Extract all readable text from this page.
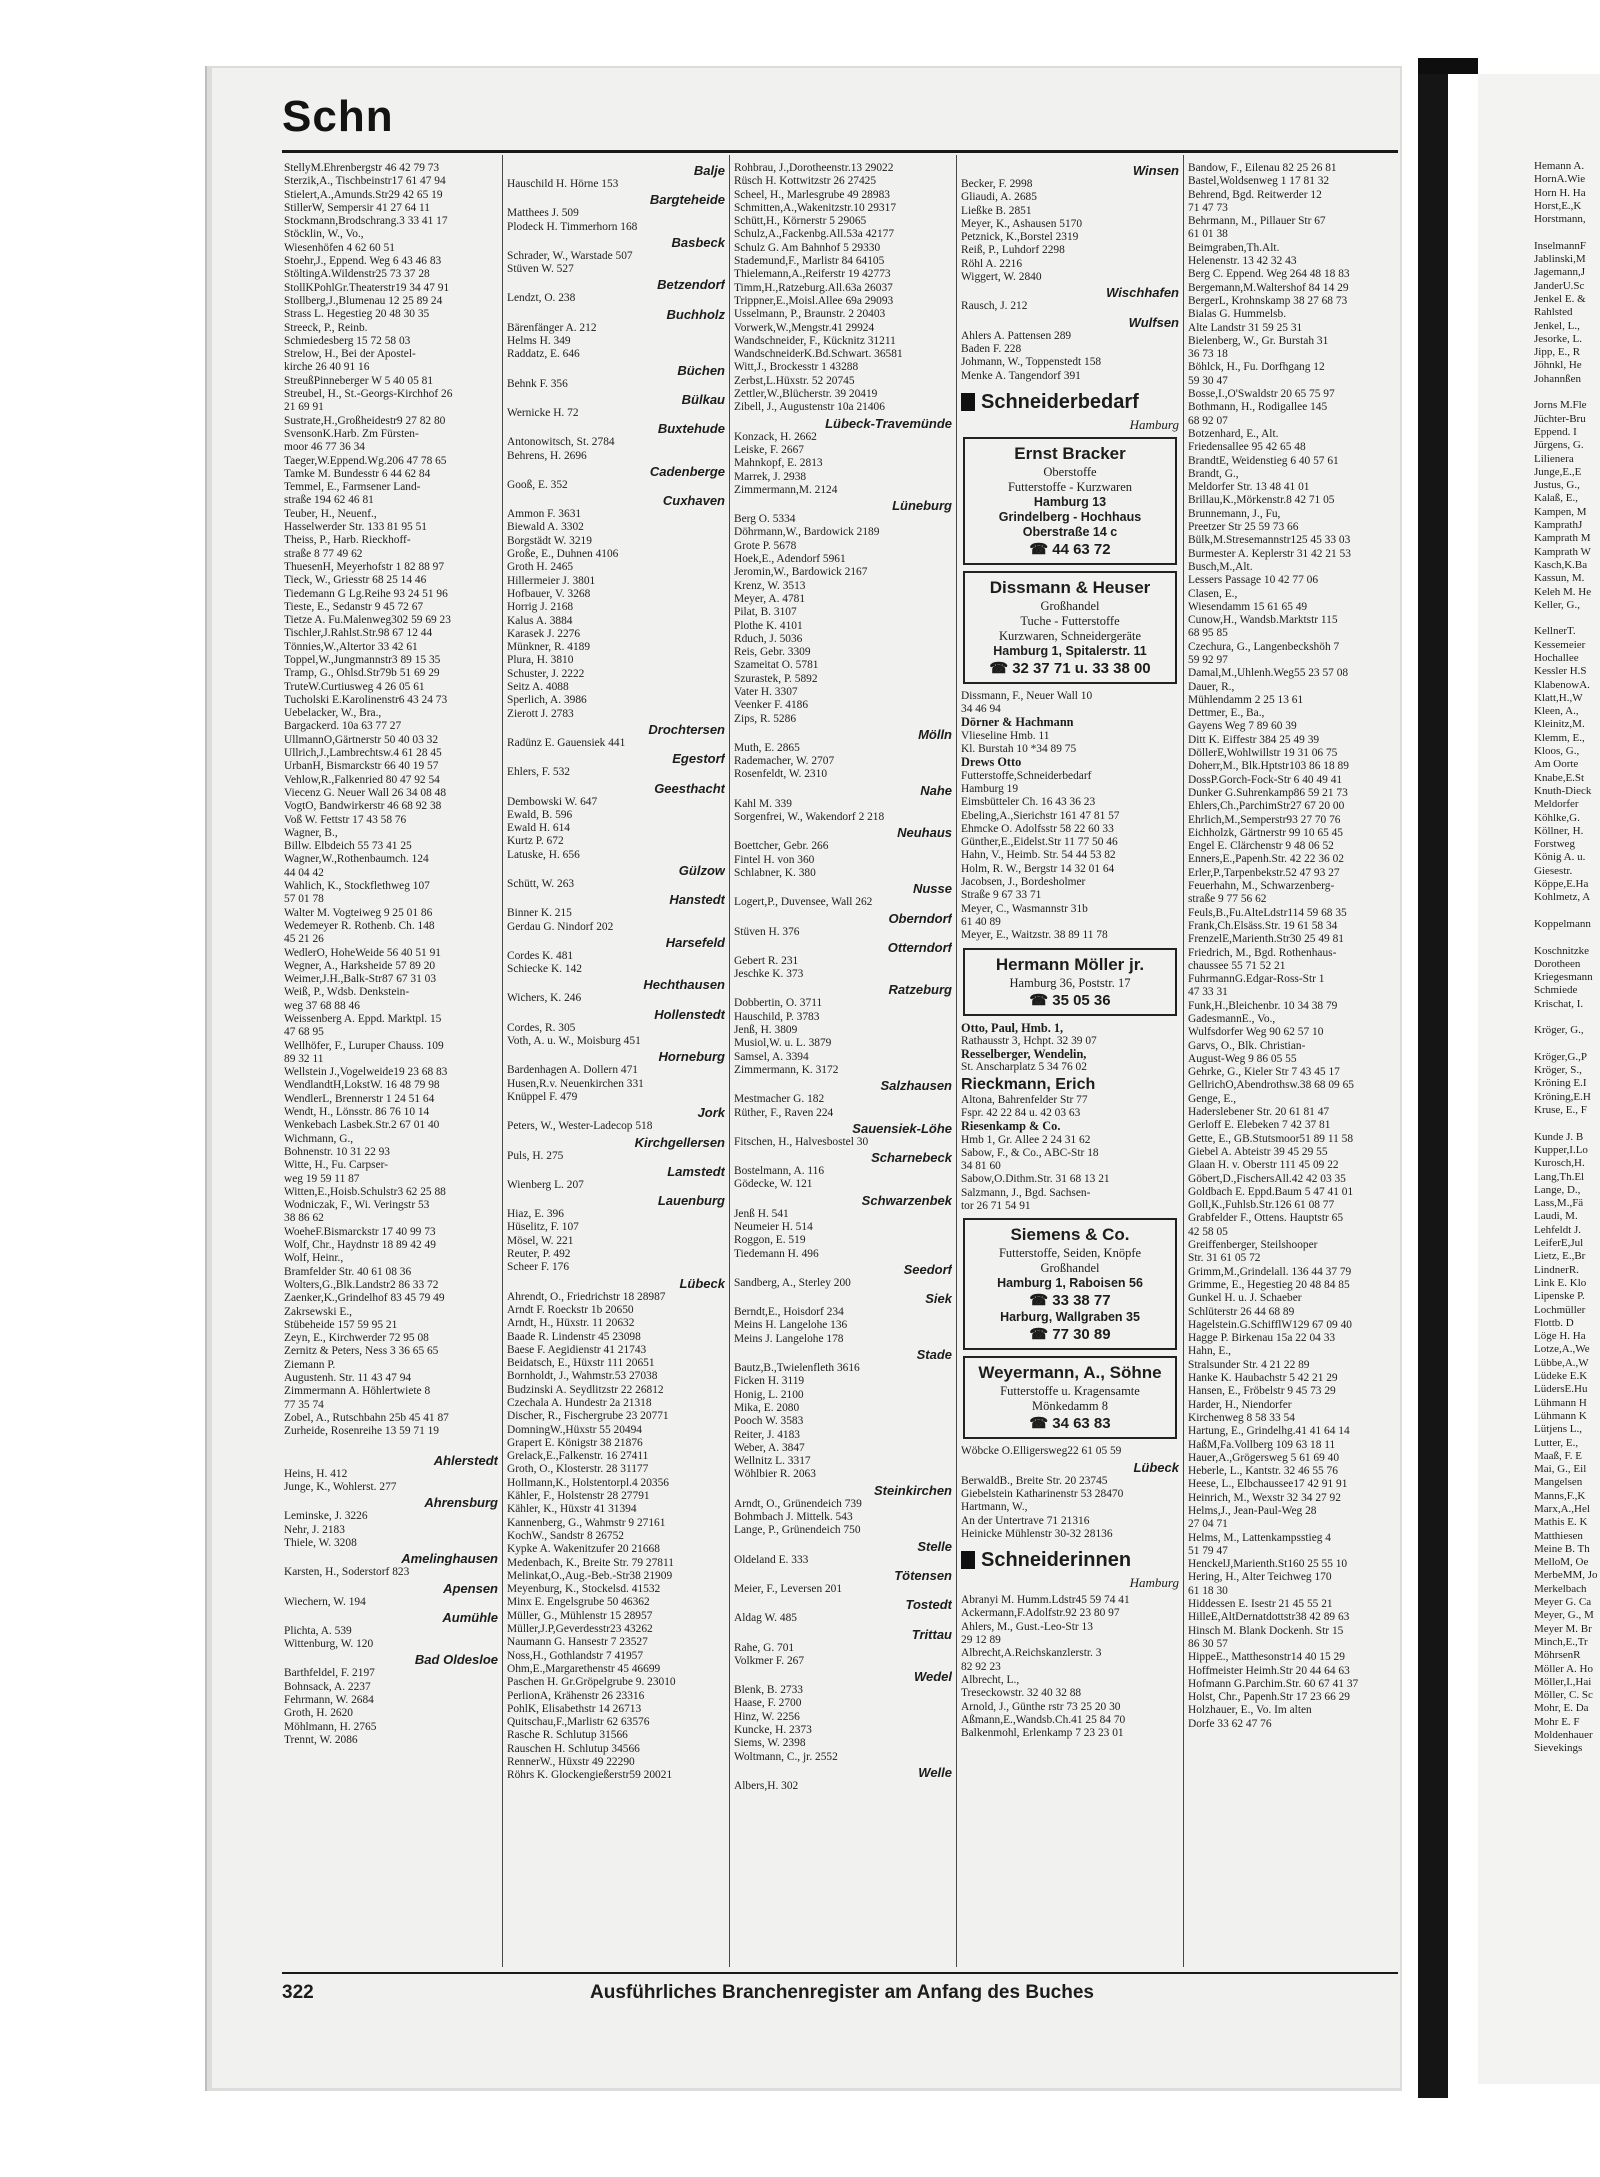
Hemann A.
HornA.Wie
Horn H. Ha
Horst,E.,K
Horstmann,

InselmannF
Jablinski,M
Jagemann,J
JanderU.Sc
Jenkel E. &
Rahlsted
Jenkel, L.,
Jesorke, L.
Jipp, E., R
Jöhnkl, He
Johannßen

Jorns M.Fle
Jüchter-Bru
Eppend. I
Jürgens, G.
Lilienera
Junge,E.,E
Justus, G.,
Kalaß, E.,
Kampen, M
KamprathJ
Kamprath M
Kamprath W
Kasch,K.Ba
Kassun, M.
Keleh M. He
Keller, G.,

KellnerT.
Kessemeier
Hochallee
Kessler H.S
KlabenowA.
Klatt,H.,W
Kleen, A.,
Kleinitz,M.
Klemm, E.,
Kloos, G.,
Am Oorte
Knabe,E.St
Knuth-Dieck
Meldorfer
Köhlke,G.
Köllner, H.
Forstweg
König A. u.
Giesestr.
Köppe,E.Ha
Kohlmetz, A

Koppelmann

Koschnitzke
Dorotheen
Kriegesmann
Schmiede
Krischat, I.

Kröger, G.,

Kröger,G.,P
Kröger, S.,
Kröning E.I
Kröning,E.H
Kruse, E., F

Kunde J. B
Kupper,I.Lo
Kurosch,H.
Lang,Th.El
Lange, D.,
Lass,M.,Fä
Laudi, M.
Lehfeldt J.
LeiferE,Jul
Lietz, E.,Br
LindnerR.
Link E. Klo
Lipenske P.
Lochmüller
Flottb. D
Löge H. Ha
Lotze,A.,We
Lübbe,A.,W
Lüdeke E.K
LüdersE.Hu
Lühmann H
Lühmann K
Lütjens L.,
Lutter, E.,
Maaß, F. E
Mai, G., Eil
Mangelsen
Manns,F.,K
Marx,A.,Hel
Mathis E. K
Matthiesen
Meine B. Th
MelloM, Oe
MerbeMM, Jo
Merkelbach
Meyer G. Ca
Meyer, G., M
Meyer M. Br
Minch,E.,Tr
MöhrsenR
Möller A. Ho
Möller,I.,Hai
Möller, C. Sc
Mohr, E. Da
Mohr E. F
Moldenhauer
Sievekings
Schn
StellyM.Ehrenbergstr 46 42 79 73
Sterzik,A., Tischbeinstr17 61 47 94
Stielert,A.,Amunds.Str29 42 65 19
StillerW, Sempersir 41 27 64 11
Stockmann,Brodschrang.3 33 41 17
Stöcklin, W., Vo.,
Wiesenhöfen 4 62 60 51
Stoehr,J., Eppend. Weg 6 43 46 83
StöltingA.Wildenstr25 73 37 28
StollKPohlGr.Theaterstr19 34 47 91
Stollberg,J.,Blumenau 12 25 89 24
Strass L. Hegestieg 20 48 30 35
Streeck, P., Reinb.
Schmiedesberg 15 72 58 03
Strelow, H., Bei der Apostel-
kirche 26 40 91 16
StreußPinneberger W 5 40 05 81
Streubel, H., St.-Georgs-Kirchhof 26
21 69 91
Sustrate,H.,Großheidestr9 27 82 80
SvensonK.Harb. Zm Fürsten-
moor 46 77 36 34
Taeger,W.Eppend.Wg.206 47 78 65
Tamke M. Bundesstr 6 44 62 84
Temmel, E., Farmsener Land-
straße 194 62 46 81
Teuber, H., Neuenf.,
Hasselwerder Str. 133 81 95 51
Theiss, P., Harb. Rieckhoff-
straße 8 77 49 62
ThuesenH, Meyerhofstr 1 82 88 97
Tieck, W., Griesstr 68 25 14 46
Tiedemann G Lg.Reihe 93 24 51 96
Tieste, E., Sedanstr 9 45 72 67
Tietze A. Fu.Malenweg302 59 69 23
Tischler,J.Rahlst.Str.98 67 12 44
Tönnies,W.,Altertor 33 42 61
Toppel,W.,Jungmannstr3 89 15 35
Tramp, G., Ohlsd.Str79b 51 69 29
TruteW.Curtiusweg 4 26 05 61
Tucholski E.Karolinenstr6 43 24 73
Uebelacker, W., Bra.,
Bargackerd. 10a 63 77 27
UllmannO,Gärtnerstr 50 40 03 32
Ullrich,J.,Lambrechtsw.4 61 28 45
UrbanH, Bismarckstr 66 40 19 57
Vehlow,R.,Falkenried 80 47 92 54
Viecenz G. Neuer Wall 26 34 08 48
VogtO, Bandwirkerstr 46 68 92 38
Voß W. Fettstr 17 43 58 76
Wagner, B.,
Billw. Elbdeich 55 73 41 25
Wagner,W.,Rothenbaumch. 124
44 04 42
Wahlich, K., Stockflethweg 107
57 01 78
Walter M. Vogteiweg 9 25 01 86
Wedemeyer R. Rothenb. Ch. 148
45 21 26
WedlerO, HoheWeide 56 40 51 91
Wegner, A., Harksheide 57 89 20
Weimer,J.H.,Balk-Str87 67 31 03
Weiß, P., Wdsb. Denkstein-
weg 37 68 88 46
Weissenberg A. Eppd. Marktpl. 15
47 68 95
Wellhöfer, F., Luruper Chauss. 109
89 32 11
Wellstein J.,Vogelweide19 23 68 83
WendlandtH,LokstW. 16 48 79 98
WendlerL, Brennerstr 1 24 51 64
Wendt, H., Lönsstr. 86 76 10 14
Wenkebach Lasbek.Str.2 67 01 40
Wichmann, G.,
Bohnenstr. 10 31 22 93
Witte, H., Fu. Carpser-
weg 19 59 11 87
Witten,E.,Hoisb.Schulstr3 62 25 88
Wodniczak, F., Wi. Veringstr 53
38 86 62
WoeheF.Bismarckstr 17 40 99 73
Wolf, Chr., Haydnstr 18 89 42 49
Wolf, Heinr.,
Bramfelder Str. 40 61 08 36
Wolters,G.,Blk.Landstr2 86 33 72
Zaenker,K.,Grindelhof 83 45 79 49
Zakrsewski E.,
Stübeheide 157 59 95 21
Zeyn, E., Kirchwerder 72 95 08
Zernitz & Peters, Ness 3 36 65 65
Ziemann P.
Augustenh. Str. 11 43 47 94
Zimmermann A. Höhlertwiete 8
77 35 74
Zobel, A., Rutschbahn 25b 45 41 87
Zurheide, Rosenreihe 13 59 71 19

Ahlerstedt
Heins, H. 412
Junge, K., Wohlerst. 277
Ahrensburg
Leminske, J. 3226
Nehr, J. 2183
Thiele, W. 3208
Amelinghausen
Karsten, H., Soderstorf 823
Apensen
Wiechern, W. 194
Aumühle
Plichta, A. 539
Wittenburg, W. 120
Bad Oldesloe
Barthfeldel, F. 2197
Bohnsack, A. 2237
Fehrmann, W. 2684
Groth, H. 2620
Möhlmann, H. 2765
Trennt, W. 2086
Balje
Hauschild H. Hörne 153
Bargteheide
Matthees J. 509
Plodeck H. Timmerhorn 168
Basbeck
Schrader, W., Warstade 507
Stüven W. 527
Betzendorf
Lendzt, O. 238
Buchholz
Bärenfänger A. 212
Helms H. 349
Raddatz, E. 646
Büchen
Behnk F. 356
Bülkau
Wernicke H. 72
Buxtehude
Antonowitsch, St. 2784
Behrens, H. 2696
Cadenberge
Gooß, E. 352
Cuxhaven
Ammon F. 3631
Biewald A. 3302
Borgstädt W. 3219
Große, E., Duhnen 4106
Groth H. 2465
Hillermeier J. 3801
Hofbauer, V. 3268
Horrig J. 2168
Kalus A. 3884
Karasek J. 2276
Münkner, R. 4189
Plura, H. 3810
Schuster, J. 2222
Seitz A. 4088
Sperlich, A. 3986
Zierott J. 2783
Drochtersen
Radünz E. Gauensiek 441
Egestorf
Ehlers, F. 532
Geesthacht
Dembowski W. 647
Ewald, B. 596
Ewald H. 614
Kurtz P. 672
Latuske, H. 656
Gülzow
Schütt, W. 263
Hanstedt
Binner K. 215
Gerdau G. Nindorf 202
Harsefeld
Cordes K. 481
Schiecke K. 142
Hechthausen
Wichers, K. 246
Hollenstedt
Cordes, R. 305
Voth, A. u. W., Moisburg 451
Horneburg
Bardenhagen A. Dollern 471
Husen,R.v. Neuenkirchen 331
Knüppel F. 479
Jork
Peters, W., Wester-Ladecop 518
Kirchgellersen
Puls, H. 275
Lamstedt
Wienberg L. 207
Lauenburg
Hiaz, E. 396
Hüselitz, F. 107
Mösel, W. 221
Reuter, P. 492
Scheer F. 176
Lübeck
Ahrendt, O., Friedrichstr 18 28987
Arndt F. Roeckstr 1b 20650
Arndt, H., Hüxstr. 11 20632
Baade R. Lindenstr 45 23098
Baese F. Aegidienstr 41 21743
Beidatsch, E., Hüxstr 111 20651
Bornholdt, J., Wahmstr.53 27038
Budzinski A. Seydlitzstr 22 26812
Czechala A. Hundestr 2a 21318
Discher, R., Fischergrube 23 20771
DomningW.,Hüxstr 55 20494
Grapert E. Königstr 38 21876
Grelack,E.,Falkenstr. 16 27411
Groth, O., Klosterstr. 28 31177
Hollmann,K., Holstentorpl.4 20356
Kähler, F., Holstenstr 28 27791
Kähler, K., Hüxstr 41 31394
Kannenberg, G., Wahmstr 9 27161
KochW., Sandstr 8 26752
Kypke A. Wakenitzufer 20 21668
Medenbach, K., Breite Str. 79 27811
Melinkat,O.,Aug.-Beb.-Str38 21909
Meyenburg, K., Stockelsd. 41532
Minx E. Engelsgrube 50 46362
Müller, G., Mühlenstr 15 28957
Müller,J.P,Geverdesstr23 43262
Naumann G. Hansestr 7 23527
Noss,H., Gothlandstr 7 41957
Ohm,E.,Margarethenstr 45 46699
Paschen H. Gr.Gröpelgrube 9. 23010
PerlionA, Krähenstr 26 23316
PohlK, Elisabethstr 14 26713
Quitschau,F.,Marlistr 62 63576
Rasche R. Schlutup 31566
Rauschen H. Schlutup 34566
RennerW., Hüxstr 49 22290
Röhrs K. Glockengießerstr59 20021
Rohbrau, J.,Dorotheenstr.13 29022
Rüsch H. Kottwitzstr 26 27425
Scheel, H., Marlesgrube 49 28983
Schmitten,A.,Wakenitzstr.10 29317
Schütt,H., Körnerstr 5 29065
Schulz,A.,Fackenbg.All.53a 42177
Schulz G. Am Bahnhof 5 29330
Stademund,F., Marlistr 84 64105
Thielemann,A.,Reiferstr 19 42773
Timm,H.,Ratzeburg.All.63a 26037
Trippner,E.,Moisl.Allee 69a 29093
Usselmann, P., Braunstr. 2 20403
Vorwerk,W.,Mengstr.41 29924
Wandschneider, F., Kücknitz 31211
WandschneiderK.Bd.Schwart. 36581
Witt,J., Brockesstr 1 43288
Zerbst,L.Hüxstr. 52 20745
Zettler,W.,Blücherstr. 39 20419
Zibell, J., Augustenstr 10a 21406
Lübeck-Travemünde
Konzack, H. 2662
Leiske, F. 2667
Mahnkopf, E. 2813
Marrek, J. 2938
Zimmermann,M. 2124
Lüneburg
Berg O. 5334
Döhrmann,W., Bardowick 2189
Grote P. 5678
Hoek,E., Adendorf 5961
Jeromin,W., Bardowick 2167
Krenz, W. 3513
Meyer, A. 4781
Pilat, B. 3107
Plothe K. 4101
Rduch, J. 5036
Reis, Gebr. 3309
Szameitat O. 5781
Szurastek, P. 5892
Vater H. 3307
Veenker F. 4186
Zips, R. 5286
Mölln
Muth, E. 2865
Rademacher, W. 2707
Rosenfeldt, W. 2310
Nahe
Kahl M. 339
Sorgenfrei, W., Wakendorf 2 218
Neuhaus
Boettcher, Gebr. 266
Fintel H. von 360
Schlabner, K. 380
Nusse
Logert,P., Duvensee, Wall 262
Oberndorf
Stüven H. 376
Otterndorf
Gebert R. 231
Jeschke K. 373
Ratzeburg
Dobbertin, O. 3711
Hauschild, P. 3783
Jenß, H. 3809
Musiol,W. u. L. 3879
Samsel, A. 3394
Zimmermann, K. 3172
Salzhausen
Mestmacher G. 182
Rüther, F., Raven 224
Sauensiek-Löhe
Fitschen, H., Halvesbostel 30
Scharnebeck
Bostelmann, A. 116
Gödecke, W. 121
Schwarzenbek
Jenß H. 541
Neumeier H. 514
Roggon, E. 519
Tiedemann H. 496
Seedorf
Sandberg, A., Sterley 200
Siek
Berndt,E., Hoisdorf 234
Meins H. Langelohe 136
Meins J. Langelohe 178
Stade
Bautz,B.,Twielenfleth 3616
Ficken H. 3119
Honig, L. 2100
Mika, E. 2080
Pooch W. 3583
Reiter, J. 4183
Weber, A. 3847
Wellnitz L. 3317
Wöhlbier R. 2063
Steinkirchen
Arndt, O., Grünendeich 739
Bohmbach J. Mittelk. 543
Lange, P., Grünendeich 750
Stelle
Oldeland E. 333
Tötensen
Meier, F., Leversen 201
Tostedt
Aldag W. 485
Trittau
Rahe, G. 701
Volkmer F. 267
Wedel
Blenk, B. 2733
Haase, F. 2700
Hinz, W. 2256
Kuncke, H. 2373
Siems, W. 2398
Woltmann, C., jr. 2552
Welle
Albers,H. 302
Winsen
Becker, F. 2998
Gliaudi, A. 2685
Ließke B. 2851
Meyer, K., Ashausen 5170
Petznick, K.,Borstel 2319
Reiß, P., Luhdorf 2298
Röhl A. 2216
Wiggert, W. 2840
Wischhafen
Rausch, J. 212
Wulfsen
Ahlers A. Pattensen 289
Baden F. 228
Johmann, W., Toppenstedt 158
Menke A. Tangendorf 391
Schneiderbedarf
Hamburg
Ernst Bracker
Oberstoffe
Futterstoffe - Kurzwaren
Hamburg 13
Grindelberg - Hochhaus
Oberstraße 14 c
☎ 44 63 72
Dissmann & Heuser
Großhandel
Tuche - Futterstoffe
Kurzwaren, Schneidergeräte
Hamburg 1, Spitalerstr. 11
☎ 32 37 71 u. 33 38 00
Dissmann, F., Neuer Wall 10
34 46 94
Dörner & Hachmann
Vlieseline Hmb. 11
Kl. Burstah 10 *34 89 75
Drews Otto
Futterstoffe,Schneiderbedarf
Hamburg 19
Eimsbütteler Ch. 16 43 36 23
Ebeling,A.,Sierichstr 161 47 81 57
Ehmcke O. Adolfsstr 58 22 60 33
Günther,E.,Eidelst.Str 11 77 50 46
Hahn, V., Heimb. Str. 54 44 53 82
Holm, R. W., Bergstr 14 32 01 64
Jacobsen, J., Bordesholmer
Straße 9 67 33 71
Meyer, C., Wasmannstr 31b
61 40 89
Meyer, E., Waitzstr. 38 89 11 78
Hermann Möller jr.
Hamburg 36, Poststr. 17
☎ 35 05 36
Otto, Paul, Hmb. 1,
Rathausstr 3, Hchpt. 32 39 07
Resselberger, Wendelin,
St. Anscharplatz 5 34 76 02
Rieckmann, Erich
Altona, Bahrenfelder Str 77
Fspr. 42 22 84 u. 42 03 63
Riesenkamp & Co.
Hmb 1, Gr. Allee 2 24 31 62
Sabow, F., & Co., ABC-Str 18
34 81 60
Sabow,O.Dithm.Str. 31 68 13 21
Salzmann, J., Bgd. Sachsen-
tor 26 71 54 91
Siemens & Co.
Futterstoffe, Seiden, Knöpfe
Großhandel
Hamburg 1, Raboisen 56
☎ 33 38 77
Harburg, Wallgraben 35
☎ 77 30 89
Weyermann, A., Söhne
Futterstoffe u. Kragensamte
Mönkedamm 8
☎ 34 63 83
Wöbcke O.Elligersweg22 61 05 59
Lübeck
BerwaldB., Breite Str. 20 23745
Giebelstein Katharinenstr 53 28470
Hartmann, W.,
An der Untertrave 71 21316
Heinicke Mühlenstr 30-32 28136
Schneiderinnen
Hamburg
Abranyi M. Humm.Ldstr45 59 74 41
Ackermann,F.Adolfstr.92 23 80 97
Ahlers, M., Gust.-Leo-Str 13
29 12 89
Albrecht,A.Reichskanzlerstr. 3
82 92 23
Albrecht, L.,
Treseckowstr. 32 40 32 88
Arnold, J., Günthe rstr 73 25 20 30
Aßmann,E.,Wandsb.Ch.41 25 84 70
Balkenmohl, Erlenkamp 7 23 23 01
Bandow, F., Eilenau 82 25 26 81
Bastel,Woldsenweg 1 17 81 32
Behrend, Bgd. Reitwerder 12
71 47 73
Behrmann, M., Pillauer Str 67
61 01 38
Beimgraben,Th.Alt.
Helenenstr. 13 42 32 43
Berg C. Eppend. Weg 264 48 18 83
Bergemann,M.Waltershof 84 14 29
BergerL, Krohnskamp 38 27 68 73
Bialas G. Hummelsb.
Alte Landstr 31 59 25 31
Bielenberg, W., Gr. Burstah 31
36 73 18
Böhlck, H., Fu. Dorfhgang 12
59 30 47
Bosse,I.,O'Swaldstr 20 65 75 97
Bothmann, H., Rodigallee 145
68 92 07
Botzenhard, E., Alt.
Friedensallee 95 42 65 48
BrandtE, Weidenstieg 6 40 57 61
Brandt, G.,
Meldorfer Str. 13 48 41 01
Brillau,K.,Mörkenstr.8 42 71 05
Brunnemann, J., Fu,
Preetzer Str 25 59 73 66
Bülk,M.Stresemannstr125 45 33 03
Burmester A. Keplerstr 31 42 21 53
Busch,M.,Alt.
Lessers Passage 10 42 77 06
Clasen, E.,
Wiesendamm 15 61 65 49
Cunow,H., Wandsb.Marktstr 115
68 95 85
Czechura, G., Langenbeckshöh 7
59 92 97
Damal,M.,Uhlenh.Weg55 23 57 08
Dauer, R.,
Mühlendamm 2 25 13 61
Dettmer, E., Ba.,
Gayens Weg 7 89 60 39
Ditt K. Eiffestr 384 25 49 39
DöllerE,Wohlwillstr 19 31 06 75
Doherr,M., Blk.Hptstr103 86 18 89
DossP.Gorch-Fock-Str 6 40 49 41
Dunker G.Suhrenkamp86 59 21 73
Ehlers,Ch.,ParchimStr27 67 20 00
Ehrlich,M.,Semperstr93 27 70 76
Eichholzk, Gärtnerstr 99 10 65 45
Engel E. Clärchenstr 9 48 06 52
Enners,E.,Papenh.Str. 42 22 36 02
Erler,P.,Tarpenbekstr.52 47 93 27
Feuerhahn, M., Schwarzenberg-
straße 9 77 56 62
Feuls,B.,Fu.AlteLdstr114 59 68 35
Frank,Ch.Elsäss.Str. 19 61 58 34
FrenzelE,Marienth.Str30 25 49 81
Friedrich, M., Bgd. Rothenhaus-
chaussee 55 71 52 21
FuhrmannG.Edgar-Ross-Str 1
47 33 31
Funk,H.,Bleichenbr. 10 34 38 79
GadesmannE., Vo.,
Wulfsdorfer Weg 90 62 57 10
Garvs, O., Blk. Christian-
August-Weg 9 86 05 55
Gehrke, G., Kieler Str 7 43 45 17
GellrichO,Abendrothsw.38 68 09 65
Genge, E.,
Haderslebener Str. 20 61 81 47
Gerloff E. Elebeken 7 42 37 81
Gette, E., GB.Stutsmoor51 89 11 58
Giebel A. Abteistr 39 45 29 55
Glaan H. v. Oberstr 111 45 09 22
Göbert,D.,FischersAll.42 42 03 35
Goldbach E. Eppd.Baum 5 47 41 01
Goll,K.,Fuhlsb.Str.126 61 08 77
Grabfelder F., Ottens. Hauptstr 65
42 58 05
Greiffenberger, Steilshooper
Str. 31 61 05 72
Grimm,M.,Grindelall. 136 44 37 79
Grimme, E., Hegestieg 20 48 84 85
Gunkel H. u. J. Schaeber
Schlüterstr 26 44 68 89
Hagelstein.G.SchifflW129 67 09 40
Hagge P. Birkenau 15a 22 04 33
Hahn, E.,
Stralsunder Str. 4 21 22 89
Hanke K. Haubachstr 5 42 21 29
Hansen, E., Fröbelstr 9 45 73 29
Harder, H., Niendorfer
Kirchenweg 8 58 33 54
Hartung, E., Grindelhg.41 41 64 14
HaßM,Fa.Vollberg 109 63 18 11
Hauer,A.,Grögersweg 5 61 69 40
Heberle, L., Kantstr. 32 46 55 76
Heese, L., Elbchaussee17 42 91 91
Heinrich, M., Wexstr 32 34 27 92
Helms,J., Jean-Paul-Weg 28
27 04 71
Helms, M., Lattenkampsstieg 4
51 79 47
HenckelJ,Marienth.St160 25 55 10
Hering, H., Alter Teichweg 170
61 18 30
Hiddessen E. Isestr 21 45 55 21
HilleE,AltDernatdottstr38 42 89 63
Hinsch M. Blank Dockenh. Str 15
86 30 57
HippeE., Matthesonstr14 40 15 29
Hoffmeister Heimh.Str 20 44 64 63
Hofmann G.Parchim.Str. 60 67 41 37
Holst, Chr., Papenh.Str 17 23 66 29
Holzhauer, E., Vo. Im alten
Dorfe 33 62 47 76
322	Ausführliches Branchenregister am Anfang des Buches
